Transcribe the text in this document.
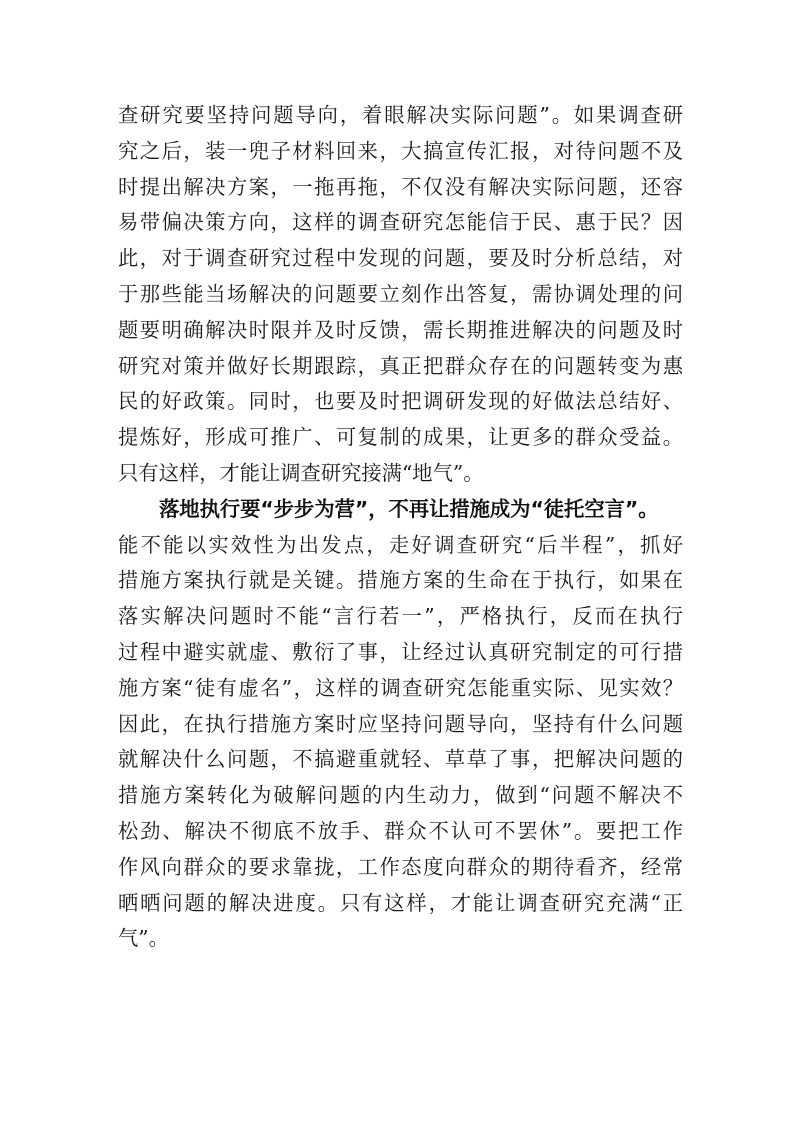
查研究要坚持问题导向，着眼解决实际问题”。如果调查研
究之后，装一兜子材料回来，大搞宣传汇报，对待问题不及
时提出解决方案，一拖再拖，不仅没有解决实际问题，还容
易带偏决策方向，这样的调查研究怎能信于民、惠于民？因
此，对于调查研究过程中发现的问题，要及时分析总结，对
于那些能当场解决的问题要立刻作出答复，需协调处理的问
题要明确解决时限并及时反馈，需长期推进解决的问题及时
研究对策并做好长期跟踪，真正把群众存在的问题转变为惠
民的好政策。同时，也要及时把调研发现的好做法总结好、
提炼好，形成可推广、可复制的成果，让更多的群众受益。
只有这样，才能让调查研究接满“地气”。
落地执行要“步步为营”，不再让措施成为“徒托空言”。
能不能以实效性为出发点，走好调查研究“后半程”，抓好
措施方案执行就是关键。措施方案的生命在于执行，如果在
落实解决问题时不能“言行若一”，严格执行，反而在执行
过程中避实就虚、敷衍了事，让经过认真研究制定的可行措
施方案“徒有虚名”，这样的调查研究怎能重实际、见实效？
因此，在执行措施方案时应坚持问题导向，坚持有什么问题
就解决什么问题，不搞避重就轻、草草了事，把解决问题的
措施方案转化为破解问题的内生动力，做到“问题不解决不
松劲、解决不彻底不放手、群众不认可不罢休”。要把工作
作风向群众的要求靠拢，工作态度向群众的期待看齐，经常
晒晒问题的解决进度。只有这样，才能让调查研究充满“正
气”。
